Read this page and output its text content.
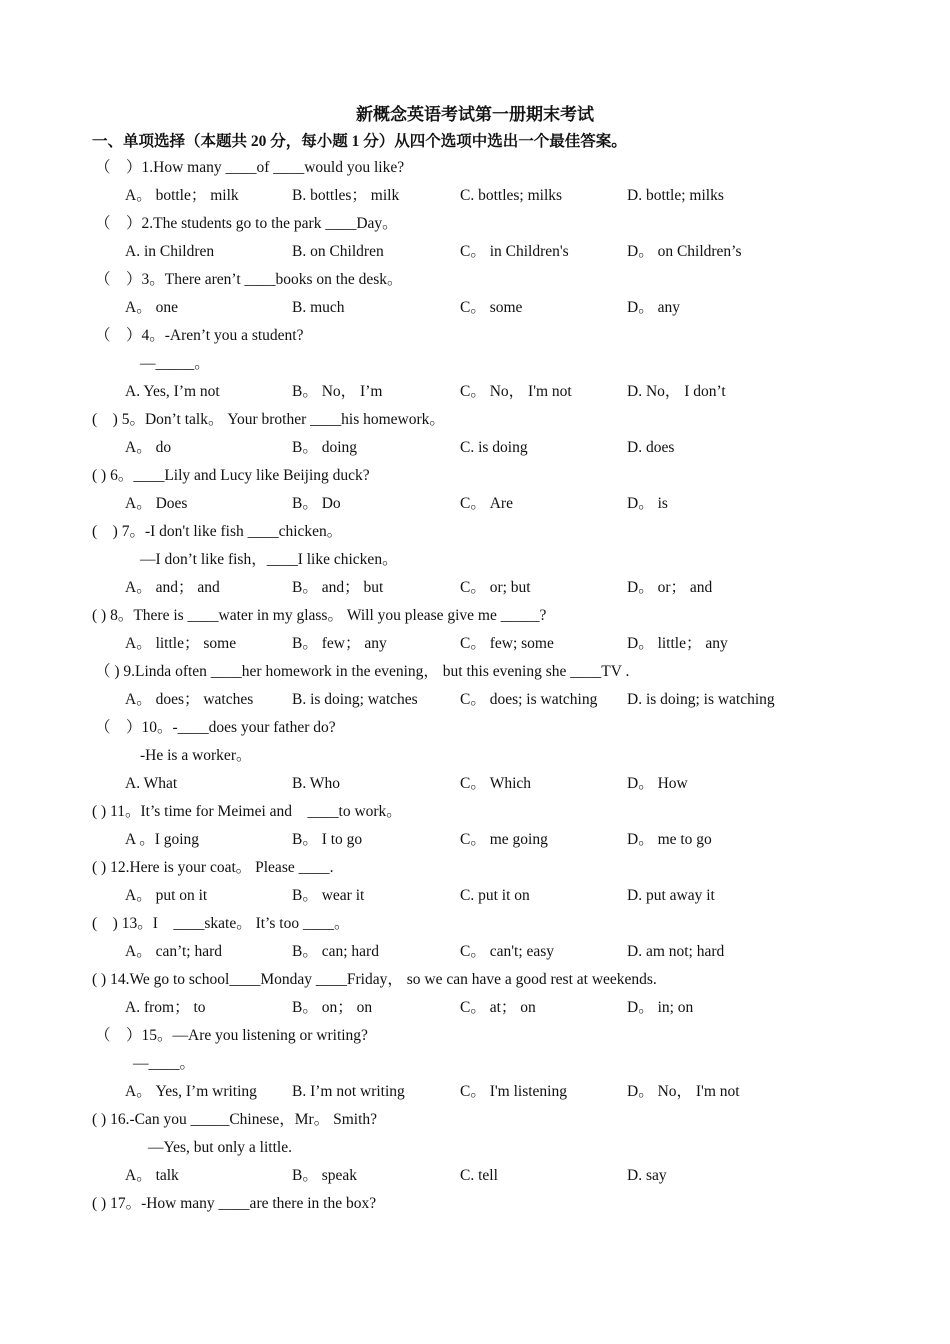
新概念英语考试第一册期末考试
一、单项选择（本题共 20 分，每小题 1 分）从四个选项中选出一个最佳答案。
（　）1.How many ____of ____would you like?
A。 bottle； milk	B. bottles； milk	C. bottles; milks	D. bottle; milks
（　）2.The students go to the park ____Day。
A. in Children	B. on Children	C。 in Children's	D。 on Children’s
（　）3。There aren’t ____books on the desk。
A。 one	B. much	C。 some	D。 any
（　）4。-Aren’t you a student?
—_____。
A. Yes, I’m not	B。 No， I’m	C。 No， I'm not	D. No， I don’t
(　) 5。Don’t talk。 Your brother ____his homework。
A。 do	B。 doing	C. is doing	D. does
( ) 6。____Lily and Lucy like Beijing duck?
A。 Does	B。 Do	C。 Are	D。 is
(　) 7。-I don't like fish ____chicken。
—I don’t like fish，____I like chicken。
A。 and； and	B。 and； but	C。 or; but	D。 or； and
( ) 8。There is ____water in my glass。 Will you please give me _____?
A。 little； some	B。 few； any	C。 few; some	D。 little； any
（ ) 9.Linda often ____her homework in the evening， but this evening she ____TV .
A。 does； watches B. is doing; watches	C。 does; is watching D. is doing; is watching
（　）10。-____does your father do?
-He is a worker。
A. What	B. Who	C。 Which	D。 How
( ) 11。It’s time for Meimei and　____to work。
A 。I going	B。 I to go	C。 me going	D。 me to go
( ) 12.Here is your coat。 Please ____.
A。 put on it	B。 wear it	C. put it on	D. put away it
(　) 13。I　____skate。 It’s too ____。
A。 can’t; hard	B。 can; hard	C。 can't; easy	D. am not; hard
( ) 14.We go to school____Monday ____Friday， so we can have a good rest at weekends.
A. from； to	B。 on； on	C。 at； on	D。 in; on
（　）15。—Are you listening or writing?
—____。
A。 Yes, I’m writing B. I’m not writing	C。 I'm listening	D。 No， I'm not
( ) 16.-Can you _____Chinese，Mr。 Smith?
—Yes, but only a little.
A。 talk	B。 speak	C. tell	D. say
( ) 17。-How many ____are there in the box?
